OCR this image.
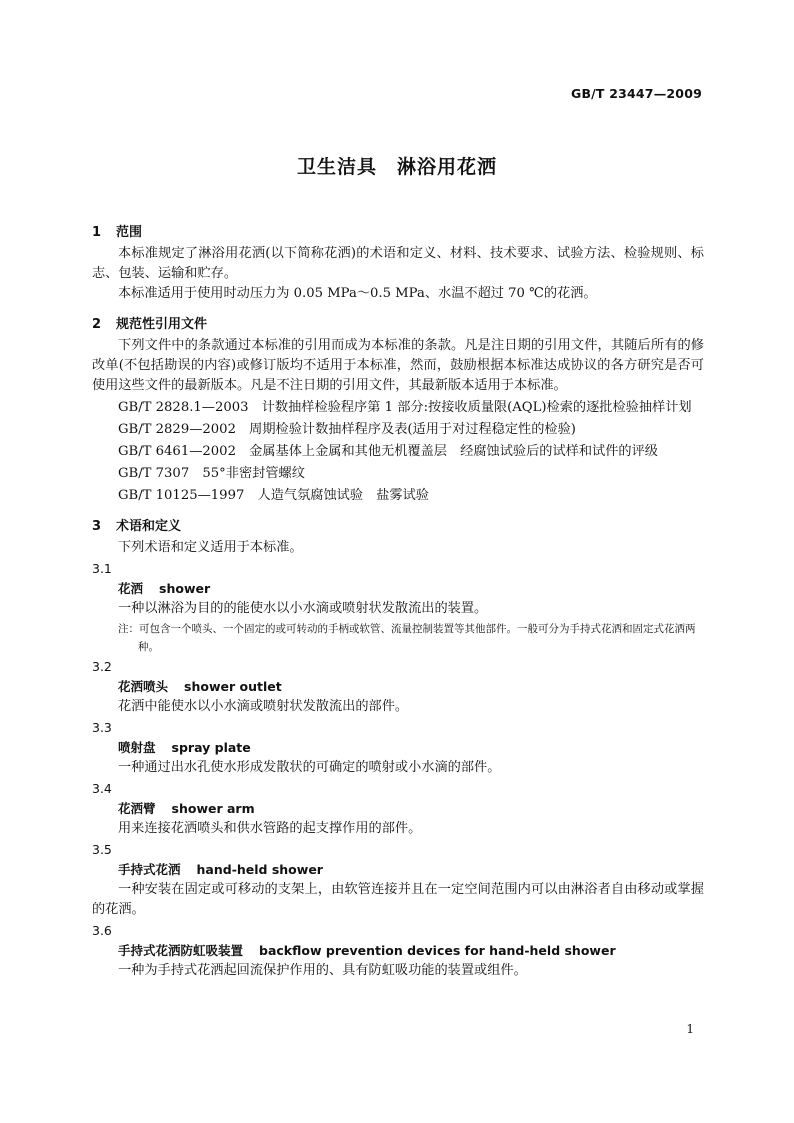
GB/T 23447—2009
卫生洁具　淋浴用花洒
1 范围

本标准规定了淋浴用花洒(以下简称花洒)的术语和定义、材料、技术要求、试验方法、检验规则、标志、包装、运输和贮存。

本标准适用于使用时动压力为 0.05 MPa～0.5 MPa、水温不超过 70 ℃的花洒。

2 规范性引用文件

下列文件中的条款通过本标准的引用而成为本标准的条款。凡是注日期的引用文件，其随后所有的修改单(不包括勘误的内容)或修订版均不适用于本标准，然而，鼓励根据本标准达成协议的各方研究是否可使用这些文件的最新版本。凡是不注日期的引用文件，其最新版本适用于本标准。

GB/T 2828.1—2003　计数抽样检验程序第 1 部分:按接收质量限(AQL)检索的逐批检验抽样计划

GB/T 2829—2002　周期检验计数抽样程序及表(适用于对过程稳定性的检验)

GB/T 6461—2002　金属基体上金属和其他无机覆盖层　经腐蚀试验后的试样和试件的评级

GB/T 7307　55°非密封管螺纹

GB/T 10125—1997　人造气氛腐蚀试验　盐雾试验

3 术语和定义

下列术语和定义适用于本标准。

3.1
花洒 shower
一种以淋浴为目的的能使水以小水滴或喷射状发散流出的装置。
注：可包含一个喷头、一个固定的或可转动的手柄或软管、流量控制装置等其他部件。一般可分为手持式花洒和固定式花洒两种。
3.2
花洒喷头 shower outlet
花洒中能使水以小水滴或喷射状发散流出的部件。
3.3
喷射盘 spray plate
一种通过出水孔使水形成发散状的可确定的喷射或小水滴的部件。
3.4
花洒臂 shower arm
用来连接花洒喷头和供水管路的起支撑作用的部件。
3.5
手持式花洒 hand-held shower
一种安装在固定或可移动的支架上，由软管连接并且在一定空间范围内可以由淋浴者自由移动或掌握的花洒。
3.6
手持式花洒防虹吸装置 backflow prevention devices for hand-held shower
一种为手持式花洒起回流保护作用的、具有防虹吸功能的装置或组件。
1
